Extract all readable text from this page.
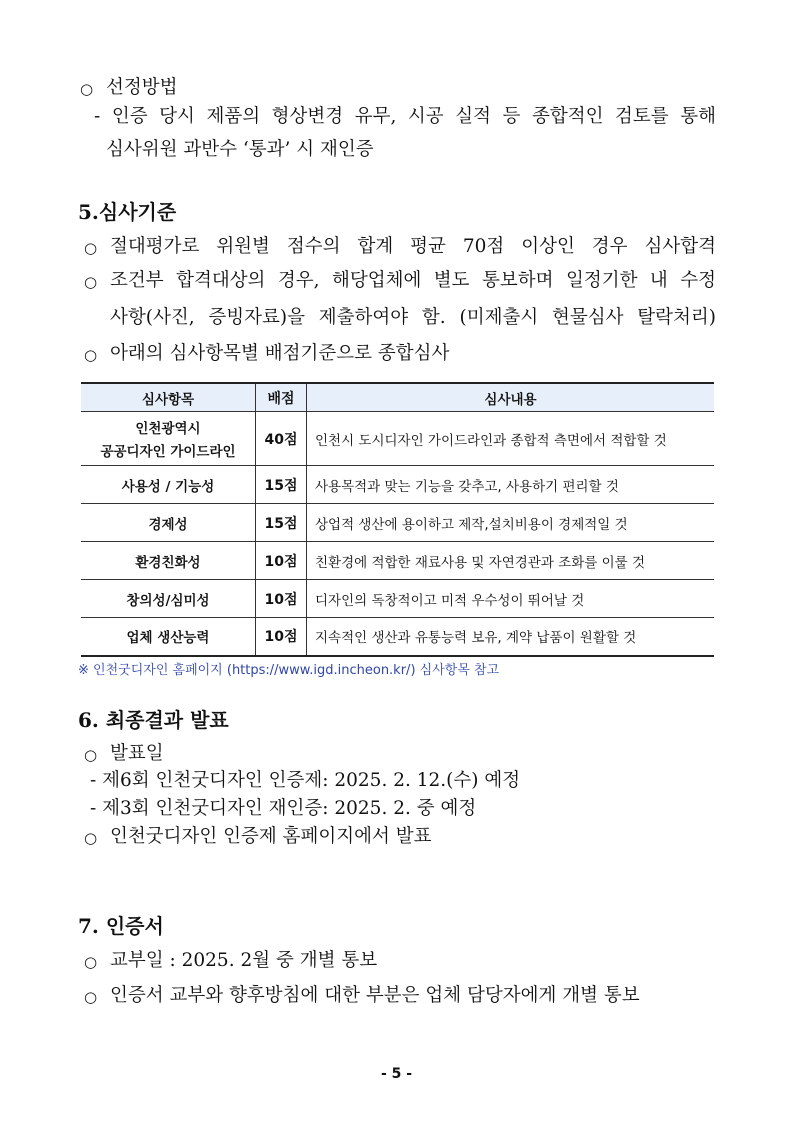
○ 선정방법
- 인증 당시 제품의 형상변경 유무, 시공 실적 등 종합적인 검토를 통해
심사위원 과반수 ‘통과’ 시 재인증
5.심사기준
○ 절대평가로 위원별 점수의 합계 평균 70점 이상인 경우 심사합격
○ 조건부 합격대상의 경우, 해당업체에 별도 통보하며 일정기한 내 수정
사항(사진, 증빙자료)을 제출하여야 함. (미제출시 현물심사 탈락처리)
○ 아래의 심사항목별 배점기준으로 종합심사
심사항목	배점	심사내용

인천광역시
공공디자인 가이드라인	40점	인천시 도시디자인 가이드라인과 종합적 측면에서 적합할 것
사용성 / 기능성	15점	사용목적과 맞는 기능을 갖추고, 사용하기 편리할 것
경제성	15점	상업적 생산에 용이하고 제작,설치비용이 경제적일 것
환경친화성	10점	친환경에 적합한 재료사용 및 자연경관과 조화를 이룰 것
창의성/심미성	10점	디자인의 독창적이고 미적 우수성이 뛰어날 것
업체 생산능력	10점	지속적인 생산과 유통능력 보유, 계약 납품이 원활할 것
※ 인천굿디자인 홈페이지 (https://www.igd.incheon.kr/) 심사항목 참고
6. 최종결과 발표
○ 발표일
- 제6회 인천굿디자인 인증제: 2025. 2. 12.(수) 예정
- 제3회 인천굿디자인 재인증: 2025. 2. 중 예정
○ 인천굿디자인 인증제 홈페이지에서 발표
7. 인증서
○ 교부일 : 2025. 2월 중 개별 통보
○ 인증서 교부와 향후방침에 대한 부분은 업체 담당자에게 개별 통보
- 5 -
